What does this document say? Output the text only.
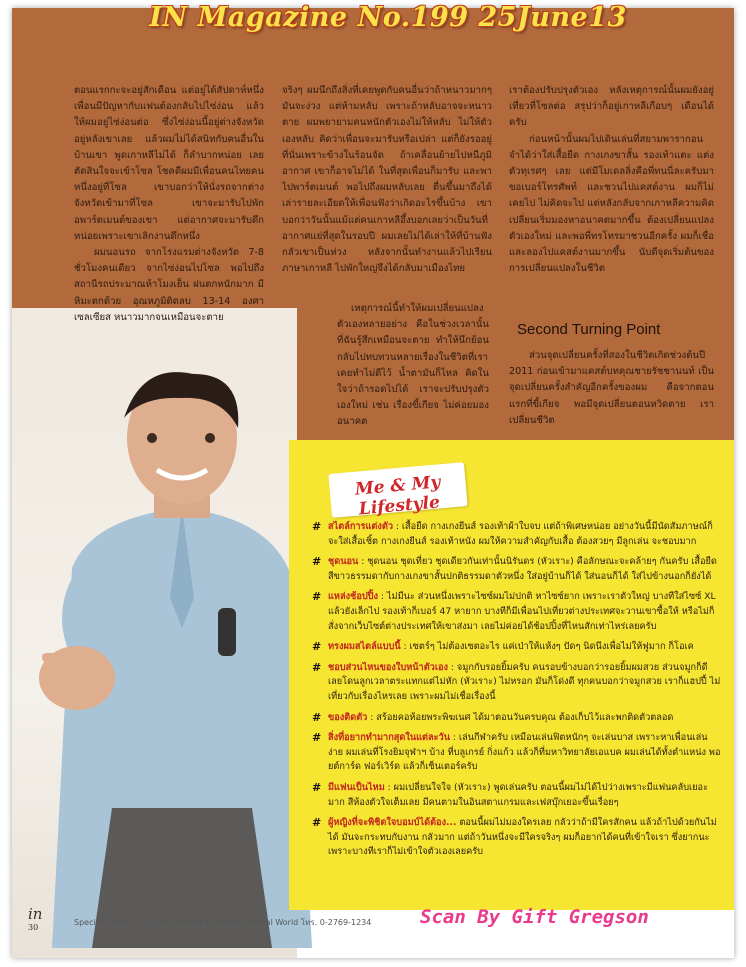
ตอนแรกกะจะอยู่สักเดือน แต่อยู่ได้สัปดาห์หนึ่ง เพื่อนมีปัญหากับแฟนต้องกลับไปไซ่ง่อน แล้วให้ผมอยู่ไซ่ง่อนต่อ ซึ่งไซ่ง่อนนี้อยู่ต่างจังหวัด อยู่หลังเขาเลย แล้วผมไม่ได้สนิทกับคนอื่นในบ้านเขา พูดเกาหลีไม่ได้ ก็ลำบากหน่อย เลยตัดสินใจจะเข้าโซล โชคดีผมมีเพื่อนคนไทยคนหนึ่งอยู่ที่โซล เขาบอกว่าให้นั่งรถจากต่างจังหวัดเข้ามาที่โซล เขาจะมารับไปพักอพาร์ตเมนต์ของเขา แต่อากาศจะมารับดึกหน่อยเพราะเขาเลิกงานดึกหนึ่ง

ผมนอนรถ จากโรงแรมต่างจังหวัด 7-8 ชั่วโมงคนเดียว จากไซ่ง่อนไปโซล พอไปถึงสถานีรถประมาณห้าโมงเย็น ฝนตกหนักมาก มีหิมะตกด้วย อุณหภูมิติดลบ 13-14 องศาเซลเซียส หนาวมากจนเหมือนจะตาย

จริงๆ ผมนึกถึงสิ่งที่เคยพูดกับคนอื่นว่าถ้าหนาวมากๆ มันจะง่วง แต่ห้ามหลับ เพราะถ้าหลับอาจจะหนาวตาย ผมพยายามคนหนักตัวเองไม่ให้หลับ ไม่ให้ตัวเองหลับ คิดว่าเพื่อนจะมารับหรือเปล่า แต่ก็ยังรออยู่ที่นั่นเพราะข้างในร้อนจัด ถ้าเคลื่อนย้ายไปหนีภูมิอากาศ เขาก็อาจไม่ได้ ในที่สุดเพื่อนก็มารับ และพาไปพาร์ตเมนต์ พอไปถึงผมหลับเลย ตื่นขึ้นมาถึงได้เล่ารายละเอียดให้เพื่อนฟังว่าเกิดอะไรขึ้นบ้าง เขาบอกว่าวันนั้นแม้แต่คนเกาหลีอึ้งบอกเลยว่าเป็นวันที่อากาศแย่ที่สุดในรอบปี ผมเลยไม่ได้เล่าให้ที่บ้านฟัง กลัวเขาเป็นห่วง หลังจากนั้นทำงานแล้วไปเรียนภาษาเกาหลี ไปพักใหญ่จึงได้กลับมาเมืองไทย

เหตุการณ์นี้ทำให้ผมเปลี่ยนแปลงตัวเองหลายอย่าง คือในช่วงเวลานั้นที่ฉันรู้สึกเหมือนจะตาย ทำให้นึกย้อนกลับไปทบทวนหลายเรื่องในชีวิตที่เราเคยทำไม่ดีไว้ น้ำตามันก็ไหล คิดในใจว่าถ้ารอดไปได้ เราจะปรับปรุงตัวเองใหม่ เช่น เรื่องขี้เกียจ ไม่ค่อยมองอนาคต

เราต้องปรับปรุงตัวเอง หลังเหตุการณ์นั้นผมยังอยู่เที่ยวที่โซลต่อ สรุปว่าก็อยู่เกาหลีเกือบๆ เดือนได้ครับ

ก่อนหน้านั้นผมไปเดินเล่นที่สยามพารากอน จำได้ว่าใส่เสื้อยืด กางเกงขาสั้น รองเท้าแตะ แต่งตัวทุเรศๆ เลย แต่มีโมเดลลิ่งคือพี่ทนนี่ละครับมาขอเบอร์โทรศัพท์ และชวนไปแคสต์งาน ผมก็ไม่เคยไป ไม่คิดจะไป แต่หลังกลับจากเกาหลีความคิดเปลี่ยนเริ่มมองหาอนาคตมากขึ้น ต้องเปลี่ยนแปลงตัวเองใหม่ และพอพี่ทรโทรมาชวนอีกครั้ง ผมก็เชื่อและลองไปแคสต์งานมากขึ้น นับดีจุดเริ่มต้นของการเปลี่ยนแปลงในชีวิต

Second Turning Point

ส่วนจุดเปลี่ยนครั้งที่สองในชีวิตเกิดช่วงต้นปี 2011 ก่อนเข้ามาแคสต์บทคุณชายรัชชานนท์ เป็นจุดเปลี่ยนครั้งสำคัญอีกครั้งของผม คือจากตอนแรกที่ขี้เกียจ พอมีจุดเปลี่ยนตอนหวิดตาย เราเปลี่ยนชีวิต

Me & My Lifestyle
# สไตล์การแต่งตัว : เสื้อยืด กางเกงยีนส์ รองเท้าผ้าใบจบ แต่ถ้าพิเศษหน่อย อย่างวันนี้มีนัดสัมภาษณ์ก็จะใส่เสื้อเชิ้ต กางเกงยีนส์ รองเท้าหนัง ผมให้ความสำคัญกับเสื้อ ต้องสวยๆ มีลูกเล่น จะชอบมาก
# ชุดนอน : ชุดนอน ชุดเที่ยว ชุดเดียวกันเท่านั้นนิรันดร (หัวเราะ) คือลักษณะจะคล้ายๆ กันครับ เสื้อยืดสีขาวธรรมดากับกางเกงขาสั้นปกติธรรมดาตัวหนึ่ง ใส่อยู่บ้านก็ได้ ใส่นอนก็ได้ ใส่ไปข้างนอกก็ยังได้
# แหล่งช้อปปิ้ง : ไม่มีนะ ส่วนหนึ่งเพราะไซซ์ผมไม่ปกติ หาไซซ์ยาก เพราะเราตัวใหญ่ บางทีใส่ไซซ์ XL แล้วยังเล็กไป รองเท้าก็เบอร์ 47 หายาก บางทีก็มีเพื่อนไปเที่ยวต่างประเทศจะวานเขาซื้อให้ หรือไม่ก็สั่งจากเว็บไซต์ต่างประเทศให้เขาส่งมา เลยไม่ค่อยได้ช้อปปิ้งที่ไหนสักเท่าไหร่เลยครับ
# ทรงผมสไตล์แบบนี้ : เซตร์ๆ ไม่ต้องเซตอะไร แค่เป่าให้แห้งๆ ปัดๆ นิดนึงเพื่อไม่ให้ฟูมาก ก็โอเค
# ชอบส่วนไหนของใบหน้าตัวเอง : จมูกกับรอยยิ้มครับ คนรอบข้างบอกว่ารอยยิ้มผมสวย ส่วนจมูกก็ดี เลยโดนลูกเวลาตระแทกแต่ไม่หัก (หัวเราะ) ไม่หรอก มันก็โด่งดี ทุกคนบอกว่าจมูกสวย เราก็แฮปปี้ ไม่เที่ยวกับเรื่องไหรเลย เพราะผมไม่เชื่อเรื่องนี้
# ของติดตัว : สร้อยคอห้อยพระพิฆเนศ ได้มาตอนวันครบคุณ ต้องเก็บไว้และพกติดตัวตลอด
# สิ่งที่อยากทำมากสุดในแต่ละวัน : เล่นกีฬาครับ เหมือนเล่นฟิตหนักๆ จะเล่นบาส เพราะหาเพื่อนเล่นง่าย ผมเล่นที่โรงยิมจุฬาฯ บ้าง ที่บลูเกรย์ กิ่งแก้ว แล้วก็ที่มหาวิทยาลัยเอแบค ผมเล่นได้ทั้งตำแหน่ง พอยต์การ์ด ฟอร์เวิร์ด แล้วก็เซ็นเตอร์ครับ
# มีแฟนเป็นไหม : ผมเปลี่ยนใจใจ (หัวเราะ) พูดเล่นครับ ตอนนี้ผมไม่ได้ไปว่างเพราะมีแฟนคลับเยอะมาก สีห้องตัวใจเต็มเลย มีคนตามในอินสตาแกรมและเฟสบุ๊กเยอะขึ้นเรื่อยๆ
# ผู้หญิงที่จะพิชิตใจบอมบ์ได้ต้อง... ตอนนี้ผมไม่มองใครเลย กลัวว่าถ้ามีใครสักคน แล้วถ้าไปด้วยกันไม่ได้ มันจะกระทบกับงาน กลัวมาก แต่ถ้าวันหนึ่งจะมีใครจริงๆ ผมก็อยากได้คนที่เข้าใจเรา ซึ่งยากนะ เพราะบางทีเราก็ไม่เข้าใจตัวเองเลยครับ
in
30
Special Thanks : โรงแรม Centara Grand at Central World โทร. 0-2769-1234
IN Magazine No.199 25June13
Scan By Gift Gregson
